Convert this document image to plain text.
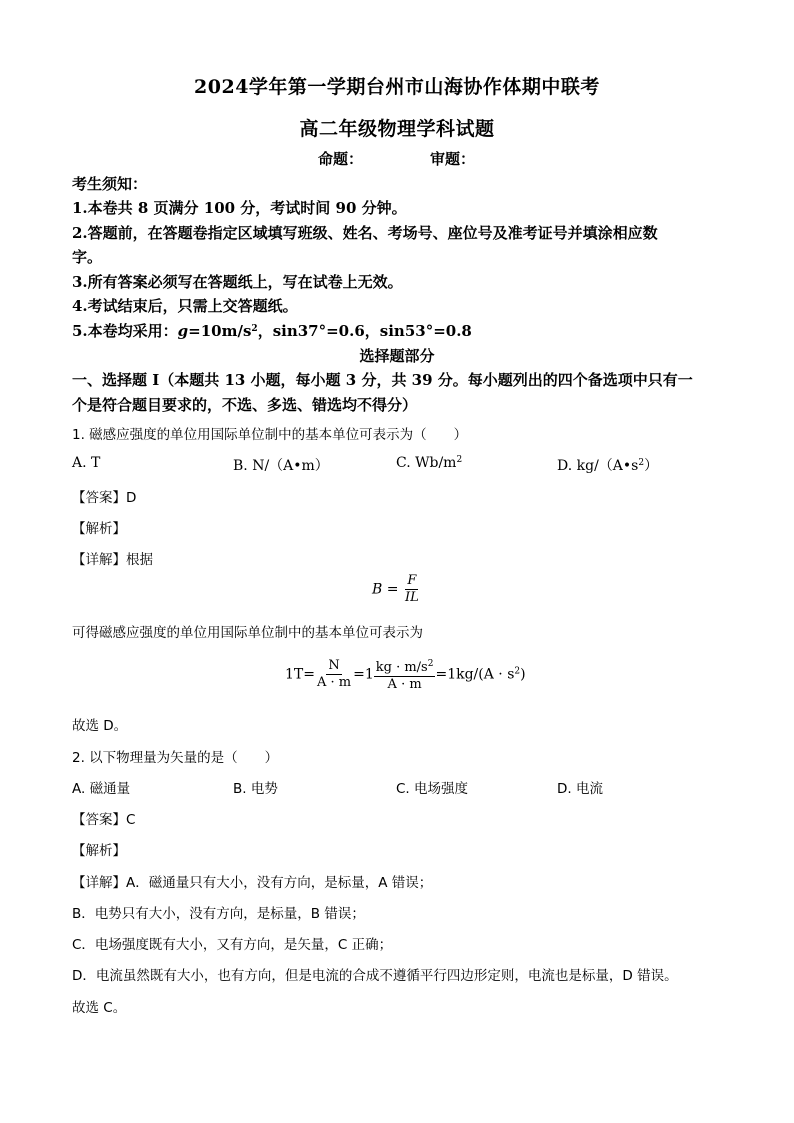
2024学年第一学期台州市山海协作体期中联考
高二年级物理学科试题
命题：	审题：
考生须知：
1.本卷共 8 页满分 100 分，考试时间 90 分钟。
2.答题前，在答题卷指定区域填写班级、姓名、考场号、座位号及准考证号并填涂相应数
字。
3.所有答案必须写在答题纸上，写在试卷上无效。
4.考试结束后，只需上交答题纸。
5.本卷均采用：$g=10m/s^2$，sin37°=0.6，sin53°=0.8
选择题部分
一、选择题 I（本题共 13 小题，每小题 3 分，共 39 分。每小题列出的四个备选项中只有一
个是符合题目要求的，不选、多选、错选均不得分）
1. 磁感应强度的单位用国际单位制中的基本单位可表示为（　　）
A. T	B. N/（A•m）	C. $Wb/m^2$	D. $kg/(A•s^2)$
【答案】D
【解析】
【详解】根据
$B = \frac{F}{IL}$
可得磁感应强度的单位用国际单位制中的基本单位可表示为
$1T= \frac{N}{A \cdot m} =1 \frac{kg \cdot m/s^2}{A \cdot m} =1kg/(A \cdot s^2)$
故选 D。
2. 以下物理量为矢量的是（　　）
A. 磁通量	B. 电势	C. 电场强度	D. 电流
【答案】C
【解析】
【详解】A．磁通量只有大小，没有方向，是标量，A 错误；
B．电势只有大小，没有方向，是标量，B 错误；
C．电场强度既有大小，又有方向，是矢量，C 正确；
D．电流虽然既有大小，也有方向，但是电流的合成不遵循平行四边形定则，电流也是标量，D 错误。
故选 C。
